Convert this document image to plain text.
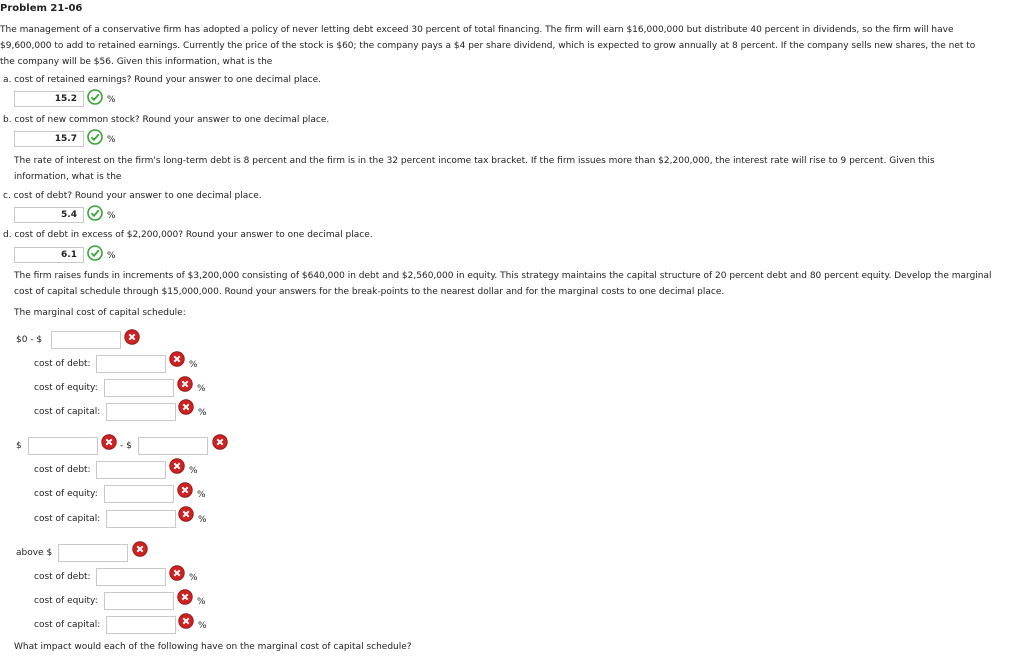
Problem 21-06
The management of a conservative firm has adopted a policy of never letting debt exceed 30 percent of total financing. The firm will earn $16,000,000 but distribute 40 percent in dividends, so the firm will have
$9,600,000 to add to retained earnings. Currently the price of the stock is $60; the company pays a $4 per share dividend, which is expected to grow annually at 8 percent. If the company sells new shares, the net to
the company will be $56. Given this information, what is the
a. cost of retained earnings? Round your answer to one decimal place.
15.2	%
b. cost of new common stock? Round your answer to one decimal place.
15.7	%
The rate of interest on the firm's long-term debt is 8 percent and the firm is in the 32 percent income tax bracket. If the firm issues more than $2,200,000, the interest rate will rise to 9 percent. Given this
information, what is the
c. cost of debt? Round your answer to one decimal place.
5.4	%
d. cost of debt in excess of $2,200,000? Round your answer to one decimal place.
6.1	%
The firm raises funds in increments of $3,200,000 consisting of $640,000 in debt and $2,560,000 in equity. This strategy maintains the capital structure of 20 percent debt and 80 percent equity. Develop the marginal
cost of capital schedule through $15,000,000. Round your answers for the break-points to the nearest dollar and for the marginal costs to one decimal place.
The marginal cost of capital schedule:
$0 - $
cost of debt:	%
cost of equity:	%
cost of capital:	%
$	- $
cost of debt:	%
cost of equity:	%
cost of capital:	%
above $
cost of debt:	%
cost of equity:	%
cost of capital:	%
What impact would each of the following have on the marginal cost of capital schedule?
